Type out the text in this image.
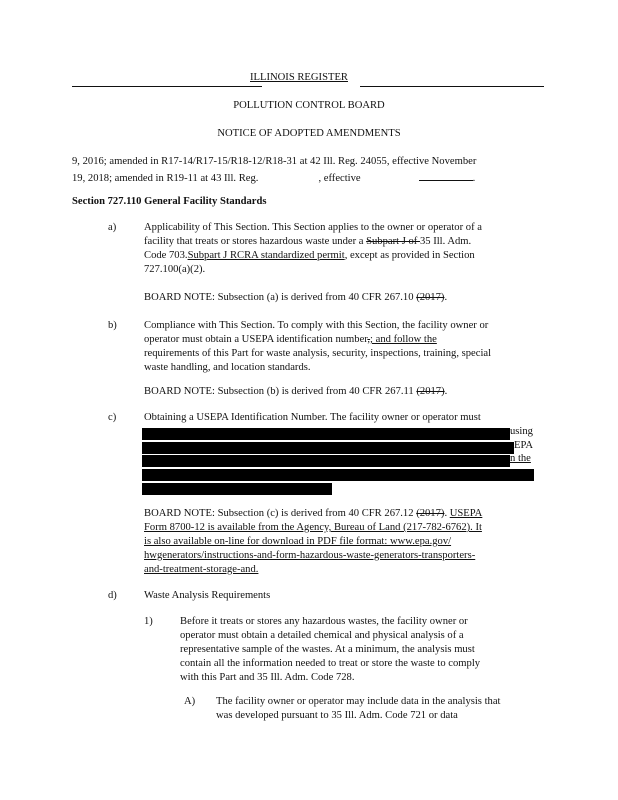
ILLINOIS REGISTER
POLLUTION CONTROL BOARD
NOTICE OF ADOPTED AMENDMENTS
9, 2016; amended in R17-14/R17-15/R18-12/R18-31 at 42 Ill. Reg. 24055, effective November
19, 2018; amended in R19-11 at 43 Ill. Reg.	, effective	.
Section 727.110 General Facility Standards
a)	Applicability of This Section. This Section applies to the owner or operator of a
facility that treats or stores hazardous waste under a Subpart J of 35 Ill. Adm.
Code 703.Subpart J RCRA standardized permit, except as provided in Section
727.100(a)(2).
BOARD NOTE: Subsection (a) is derived from 40 CFR 267.10 (2017).
b)	Compliance with This Section. To comply with this Section, the facility owner or
operator must obtain a USEPA identification number,; and follow the
requirements of this Part for waste analysis, security, inspections, training, special
waste handling, and location standards.
BOARD NOTE: Subsection (b) is derived from 40 CFR 267.11 (2017).
c)	Obtaining a USEPA Identification Number. The facility owner or operator must
using
EPA
n the
BOARD NOTE: Subsection (c) is derived from 40 CFR 267.12 (2017). USEPA
Form 8700-12 is available from the Agency, Bureau of Land (217-782-6762). It
is also available on-line for download in PDF file format: www.epa.gov/
hwgenerators/instructions-and-form-hazardous-waste-generators-transporters-
and-treatment-storage-and.
d)	Waste Analysis Requirements
1)	Before it treats or stores any hazardous wastes, the facility owner or
operator must obtain a detailed chemical and physical analysis of a
representative sample of the wastes. At a minimum, the analysis must
contain all the information needed to treat or store the waste to comply
with this Part and 35 Ill. Adm. Code 728.
A) The facility owner or operator may include data in the analysis that
was developed pursuant to 35 Ill. Adm. Code 721 or data
